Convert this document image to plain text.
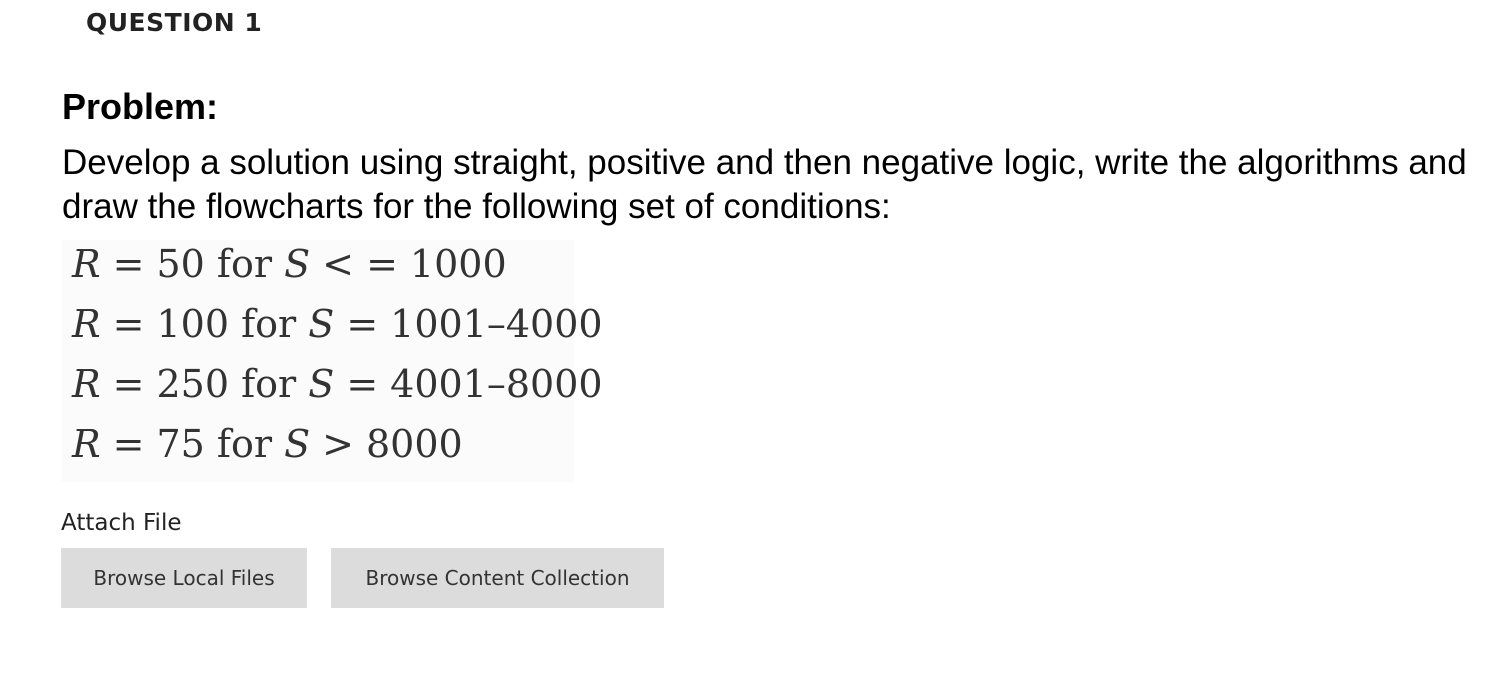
QUESTION 1
Problem:
Develop a solution using straight, positive and then negative logic, write the algorithms and draw the flowcharts for the following set of conditions:
R = 50 for S < = 1000
R = 100 for S = 1001–4000
R = 250 for S = 4001–8000
R = 75 for S > 8000
Attach File
Browse Local Files	Browse Content Collection
